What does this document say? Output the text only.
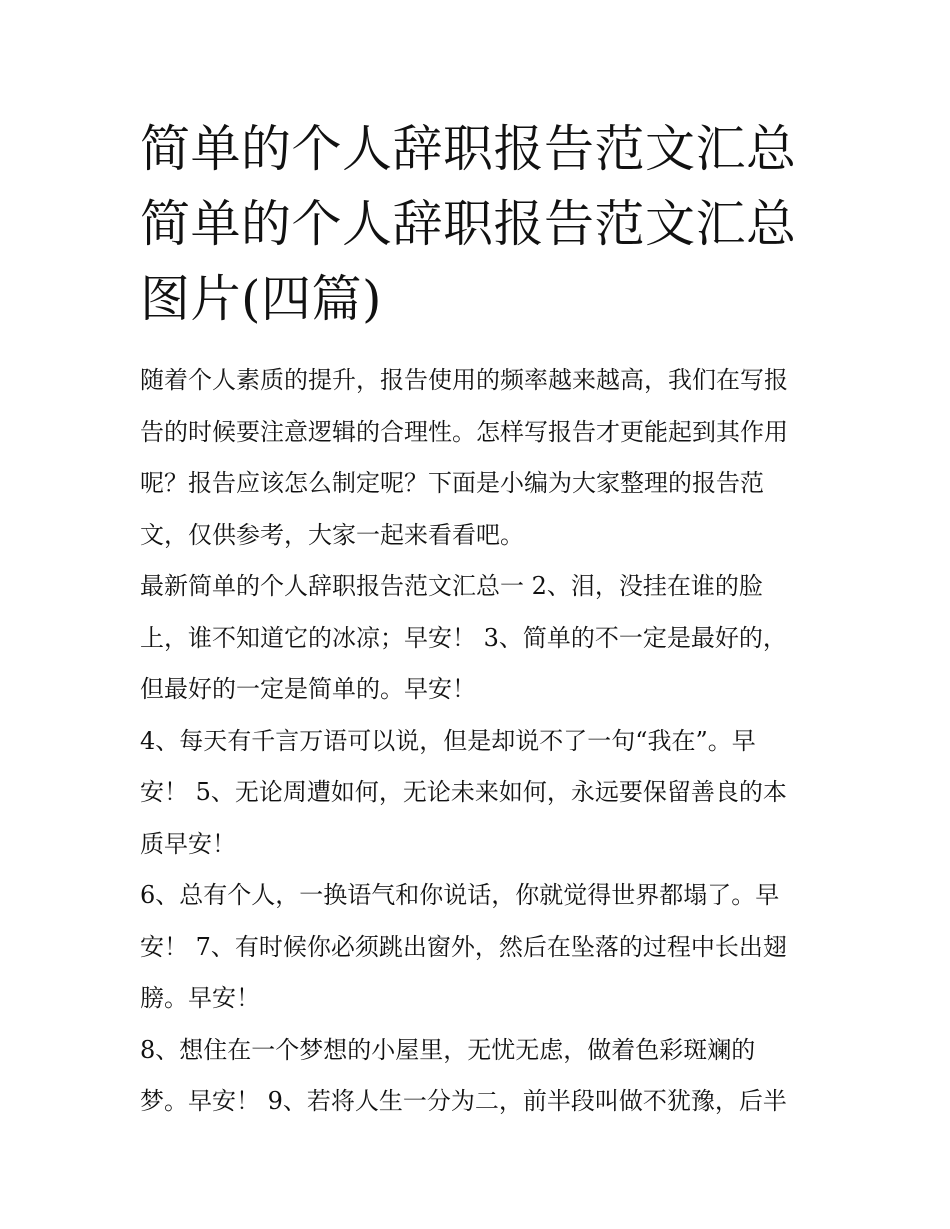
简单的个人辞职报告范文汇总
简单的个人辞职报告范文汇总
图片(四篇)

随着个人素质的提升，报告使用的频率越来越高，我们在写报
告的时候要注意逻辑的合理性。怎样写报告才更能起到其作用
呢？报告应该怎么制定呢？下面是小编为大家整理的报告范
文，仅供参考，大家一起来看看吧。

最新简单的个人辞职报告范文汇总一 2、泪，没挂在谁的脸
上，谁不知道它的冰凉；早安！ 3、简单的不一定是最好的，
但最好的一定是简单的。早安！

4、每天有千言万语可以说，但是却说不了一句“我在”。早
安！ 5、无论周遭如何，无论未来如何，永远要保留善良的本
质早安！

6、总有个人，一换语气和你说话，你就觉得世界都塌了。早
安！ 7、有时候你必须跳出窗外，然后在坠落的过程中长出翅
膀。早安！

8、想住在一个梦想的小屋里，无忧无虑，做着色彩斑斓的
梦。早安！ 9、若将人生一分为二，前半段叫做不犹豫，后半
